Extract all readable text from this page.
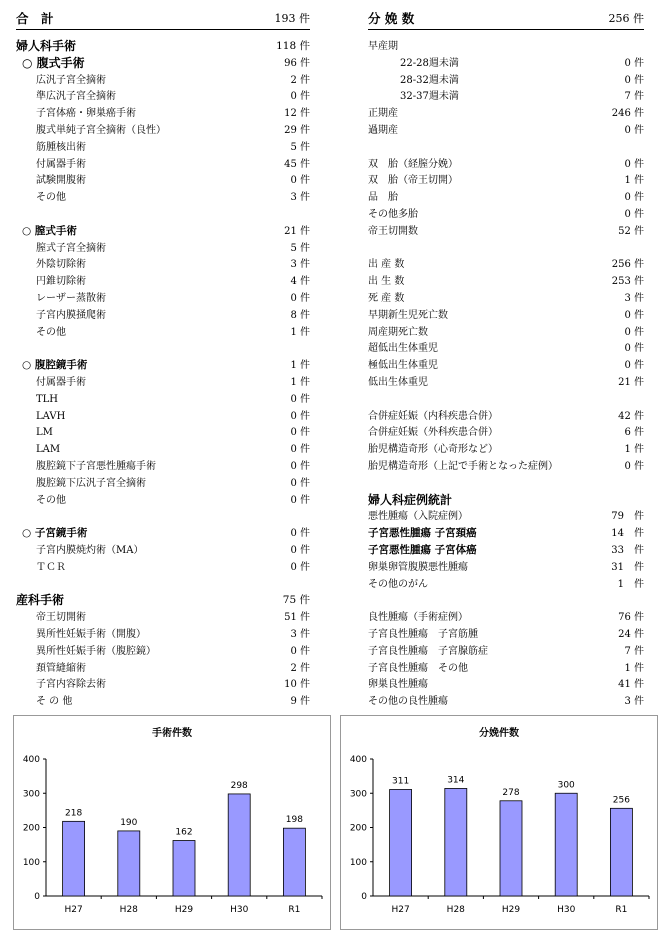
合　計	193 件
婦人科手術	118 件
○ 腹式手術	96 件
広汎子宮全摘術	2 件
準広汎子宮全摘術	0 件
子宮体癌・卵巣癌手術	12 件
腹式単純子宮全摘術（良性）	29 件
筋腫核出術	5 件
付属器手術	45 件
試験開腹術	0 件
その他	3 件
○ 膣式手術	21 件
膣式子宮全摘術	5 件
外陰切除術	3 件
円錐切除術	4 件
レーザー蒸散術	0 件
子宮内膜掻爬術	8 件
その他	1 件
○ 腹腔鏡手術	1 件
付属器手術	1 件
TLH	0 件
LAVH	0 件
LM	0 件
LAM	0 件
腹腔鏡下子宮悪性腫瘍手術	0 件
腹腔鏡下広汎子宮全摘術	0 件
その他	0 件
○ 子宮鏡手術	0 件
子宮内膜焼灼術（MA）	0 件
ＴＣＲ	0 件
産科手術	75 件
帝王切開術	51 件
異所性妊娠手術（開腹）	3 件
異所性妊娠手術（腹腔鏡）	0 件
頚管縫縮術	2 件
子宮内容除去術	10 件
そ の 他	9 件
分 娩 数	256 件
早産期
22-28週未満	0 件
28-32週未満	0 件
32-37週未満	7 件
正期産	246 件
過期産	0 件
双　胎（経膣分娩）	0 件
双　胎（帝王切開）	1 件
品　胎	0 件
その他多胎	0 件
帝王切開数	52 件
出 産 数	256 件
出 生 数	253 件
死 産 数	3 件
早期新生児死亡数	0 件
周産期死亡数	0 件
超低出生体重児	0 件
極低出生体重児	0 件
低出生体重児	21 件
合併症妊娠（内科疾患合併）	42 件
合併症妊娠（外科疾患合併）	6 件
胎児構造奇形（心奇形など）	1 件
胎児構造奇形（上記で手術となった症例）	0 件
婦人科症例統計
悪性腫瘍（入院症例）	79　件
子宮悪性腫瘍 子宮頚癌	14　件
子宮悪性腫瘍 子宮体癌	33　件
卵巣卵管腹膜悪性腫瘍	31　件
その他のがん	1　件
良性腫瘍（手術症例）	76 件
子宮良性腫瘍　子宮筋腫	24 件
子宮良性腫瘍　子宮腺筋症	7 件
子宮良性腫瘍　その他	1 件
卵巣良性腫瘍	41 件
その他の良性腫瘍	3 件
手術件数
0
100
200
300
400
218
H27
190
H28
162
H29
298
H30
198
R1
分娩件数
0
100
200
300
400
311
H27
314
H28
278
H29
300
H30
256
R1
